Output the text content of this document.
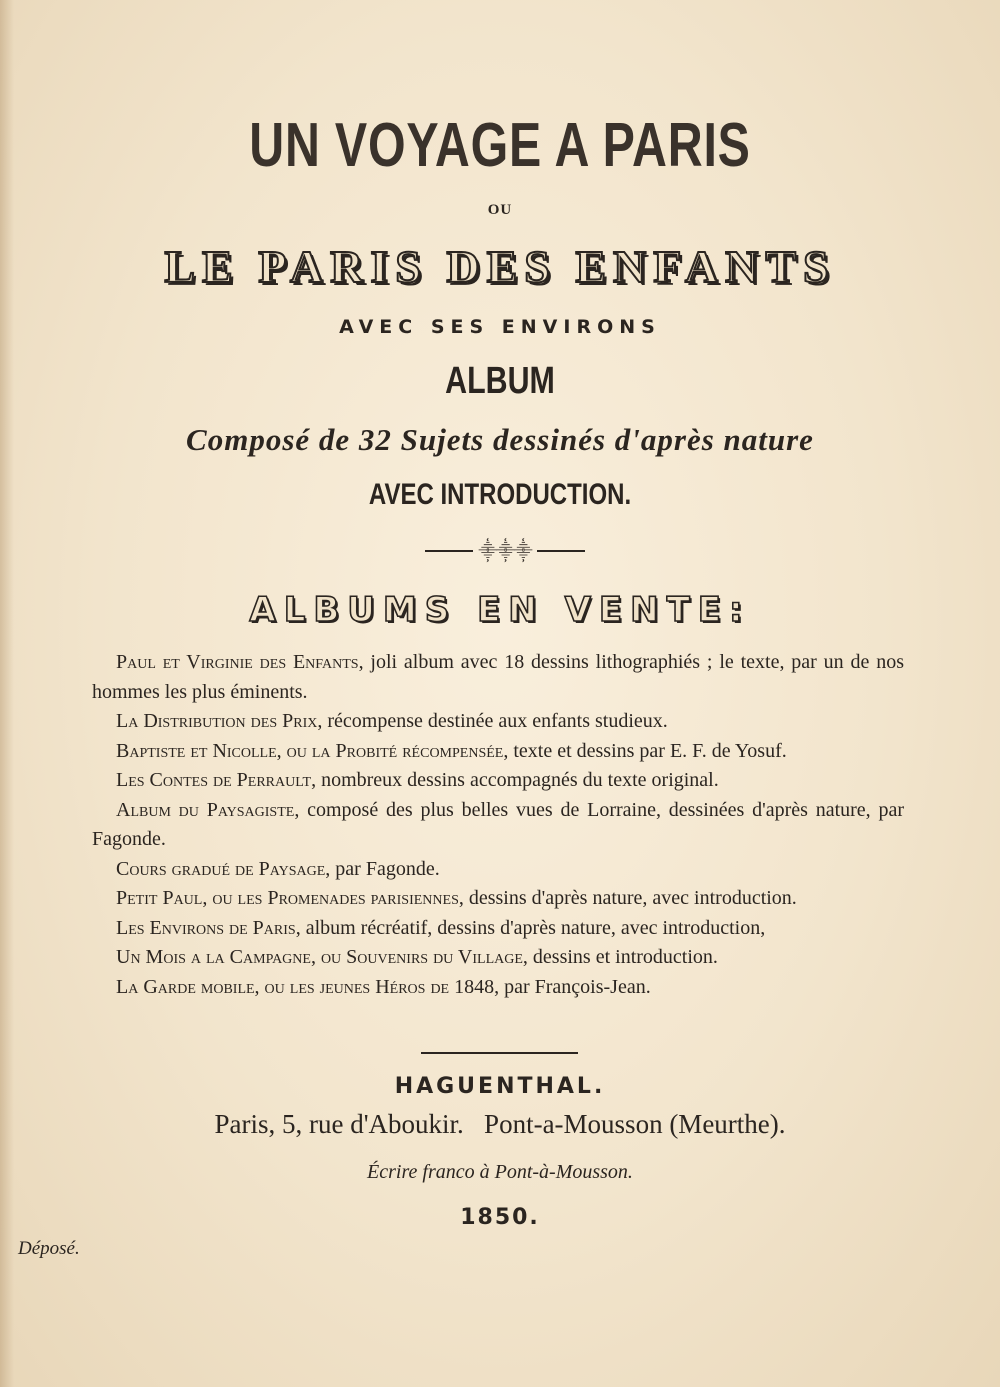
UN VOYAGE A PARIS
OU
LE PARIS DES ENFANTS
AVEC SES ENVIRONS
ALBUM
Composé de 32 Sujets dessinés d'après nature
AVEC INTRODUCTION.
⸎⸎⸎
ALBUMS EN VENTE:

Paul et Virginie des Enfants, joli album avec 18 dessins lithographiés ; le texte, par un de nos hommes les plus éminents.

La Distribution des Prix, récompense destinée aux enfants studieux.

Baptiste et Nicolle, ou la Probité récompensée, texte et dessins par E. F. de Yosuf.

Les Contes de Perrault, nombreux dessins accompagnés du texte original.

Album du Paysagiste, composé des plus belles vues de Lorraine, dessinées d'après nature, par Fagonde.

Cours gradué de Paysage, par Fagonde.

Petit Paul, ou les Promenades parisiennes, dessins d'après nature, avec introduction.

Les Environs de Paris, album récréatif, dessins d'après nature, avec introduction,

Un Mois a la Campagne, ou Souvenirs du Village, dessins et introduction.

La Garde mobile, ou les jeunes Héros de 1848, par François-Jean.

HAGUENTHAL.
Paris, 5, rue d'Aboukir.   Pont-a-Mousson (Meurthe).
Écrire franco à Pont-à-Mousson.
1850.
Déposé.
